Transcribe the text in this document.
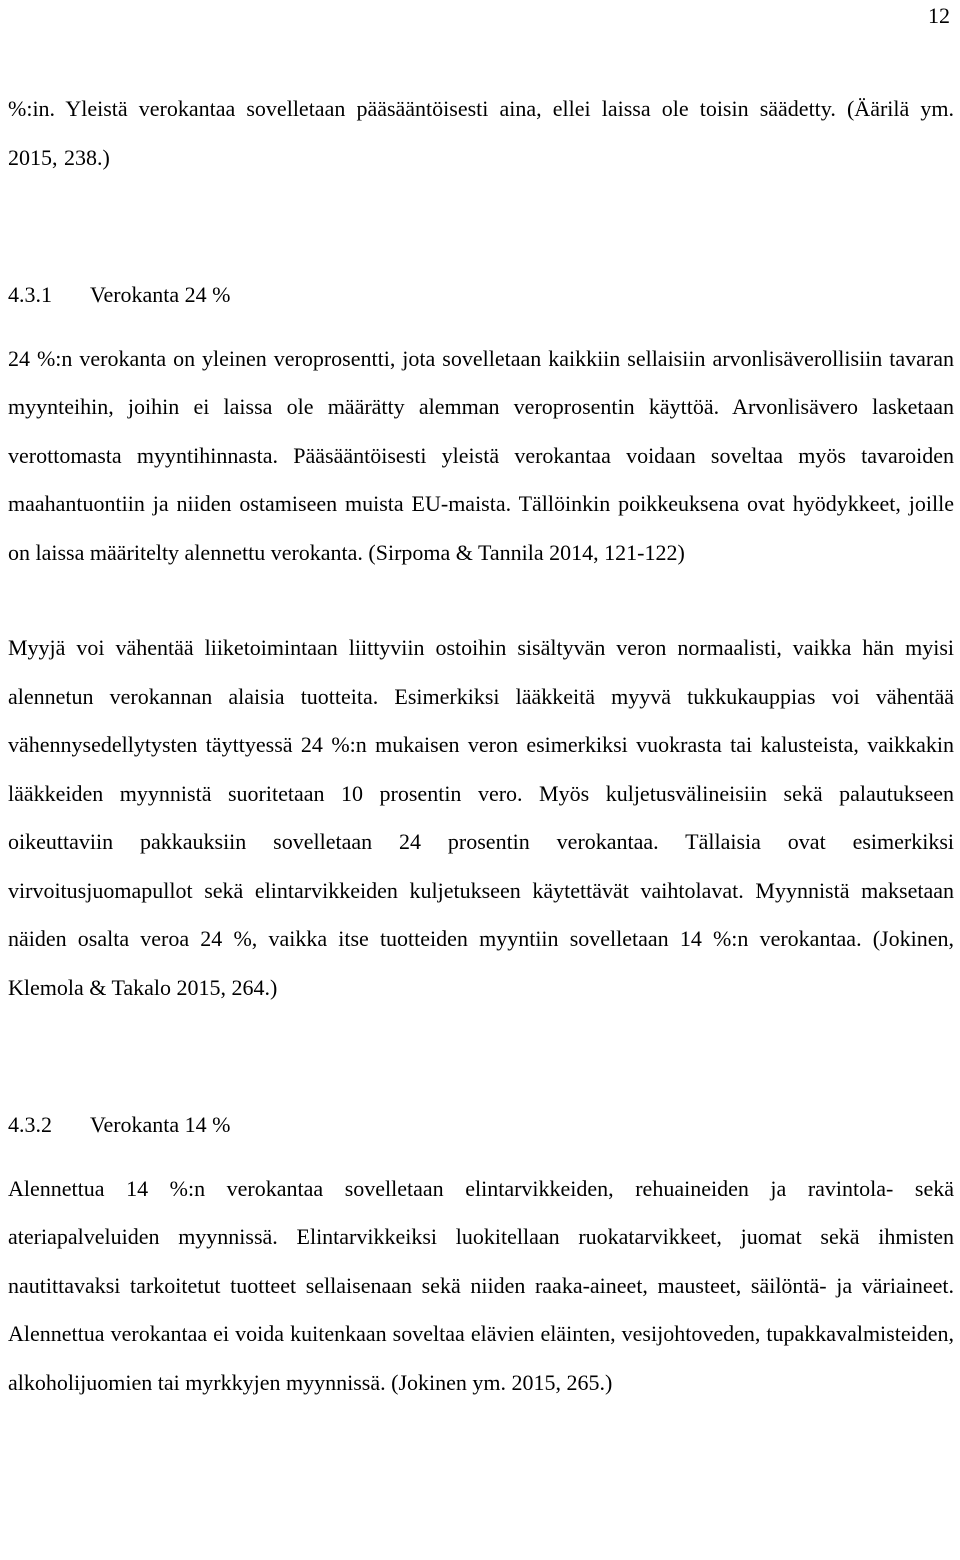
12

%:in. Yleistä verokantaa sovelletaan pääsääntöisesti aina, ellei laissa ole toisin säädetty. (Äärilä ym. 2015, 238.)

4.3.1 Verokanta 24 %

24 %:n verokanta on yleinen veroprosentti, jota sovelletaan kaikkiin sellaisiin arvonlisäverollisiin tavaran myynteihin, joihin ei laissa ole määrätty alemman veroprosentin käyttöä. Arvonlisävero lasketaan verottomasta myyntihinnasta. Pääsääntöisesti yleistä verokantaa voidaan soveltaa myös tavaroiden maahantuontiin ja niiden ostamiseen muista EU-maista. Tällöinkin poikkeuksena ovat hyödykkeet, joille on laissa määritelty alennettu verokanta. (Sirpoma & Tannila 2014, 121-122)

Myyjä voi vähentää liiketoimintaan liittyviin ostoihin sisältyvän veron normaalisti, vaikka hän myisi alennetun verokannan alaisia tuotteita. Esimerkiksi lääkkeitä myyvä tukkukauppias voi vähentää vähennysedellytysten täyttyessä 24 %:n mukaisen veron esimerkiksi vuokrasta tai kalusteista, vaikkakin lääkkeiden myynnistä suoritetaan 10 prosentin vero. Myös kuljetusvälineisiin sekä palautukseen oikeuttaviin pakkauksiin sovelletaan 24 prosentin verokantaa. Tällaisia ovat esimerkiksi virvoitusjuomapullot sekä elintarvikkeiden kuljetukseen käytettävät vaihtolavat. Myynnistä maksetaan näiden osalta veroa 24 %, vaikka itse tuotteiden myyntiin sovelletaan 14 %:n verokantaa. (Jokinen, Klemola & Takalo 2015, 264.)

4.3.2 Verokanta 14 %

Alennettua 14 %:n verokantaa sovelletaan elintarvikkeiden, rehuaineiden ja ravintola- sekä ateriapalveluiden myynnissä. Elintarvikkeiksi luokitellaan ruokatarvikkeet, juomat sekä ihmisten nautittavaksi tarkoitetut tuotteet sellaisenaan sekä niiden raaka-aineet, mausteet, säilöntä- ja väriaineet. Alennettua verokantaa ei voida kuitenkaan soveltaa elävien eläinten, vesijohtoveden, tupakkavalmisteiden, alkoholijuomien tai myrkkyjen myynnissä. (Jokinen ym. 2015, 265.)
